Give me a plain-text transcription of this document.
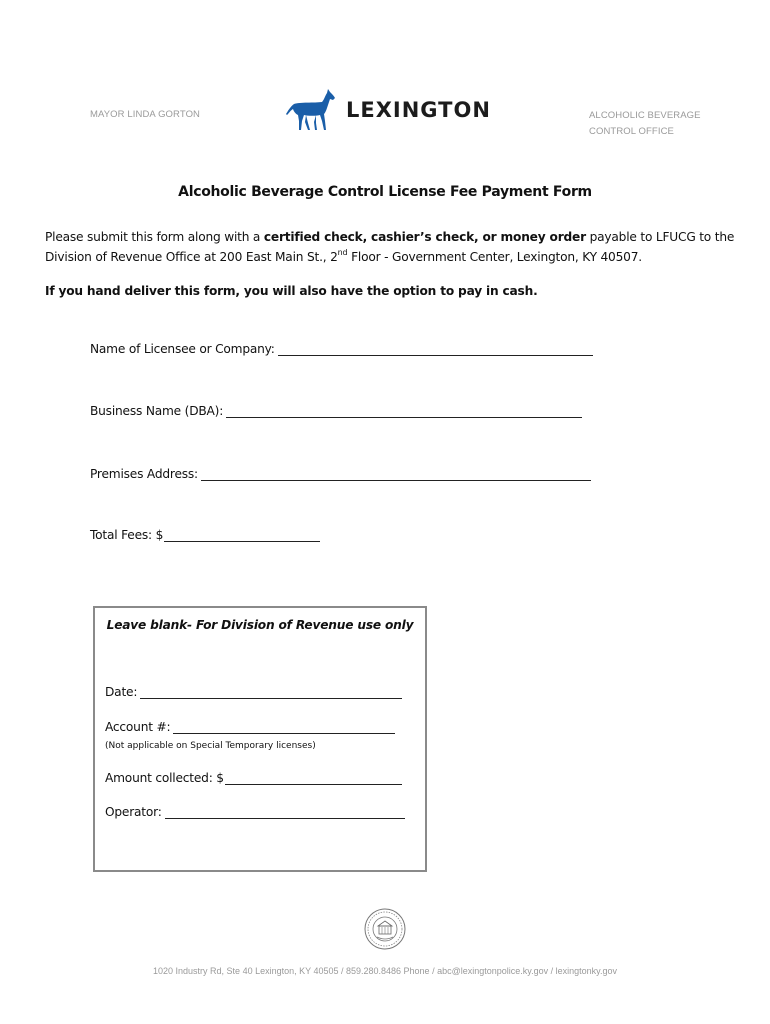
MAYOR LINDA GORTON	LEXINGTON	ALCOHOLIC BEVERAGE
CONTROL OFFICE
Alcoholic Beverage Control License Fee Payment Form
Please submit this form along with a certified check, cashier’s check, or money order payable to LFUCG to the Division of Revenue Office at 200 East Main St., 2nd Floor - Government Center, Lexington, KY 40507.
If you hand deliver this form, you will also have the option to pay in cash.
Name of Licensee or Company:
Business Name (DBA):
Premises Address:
Total Fees: $
Leave blank- For Division of Revenue use only
Date:
Account #:
(Not applicable on Special Temporary licenses)
Amount collected: $
Operator:
1020 Industry Rd, Ste 40 Lexington, KY 40505 / 859.280.8486 Phone / abc@lexingtonpolice.ky.gov / lexingtonky.gov
